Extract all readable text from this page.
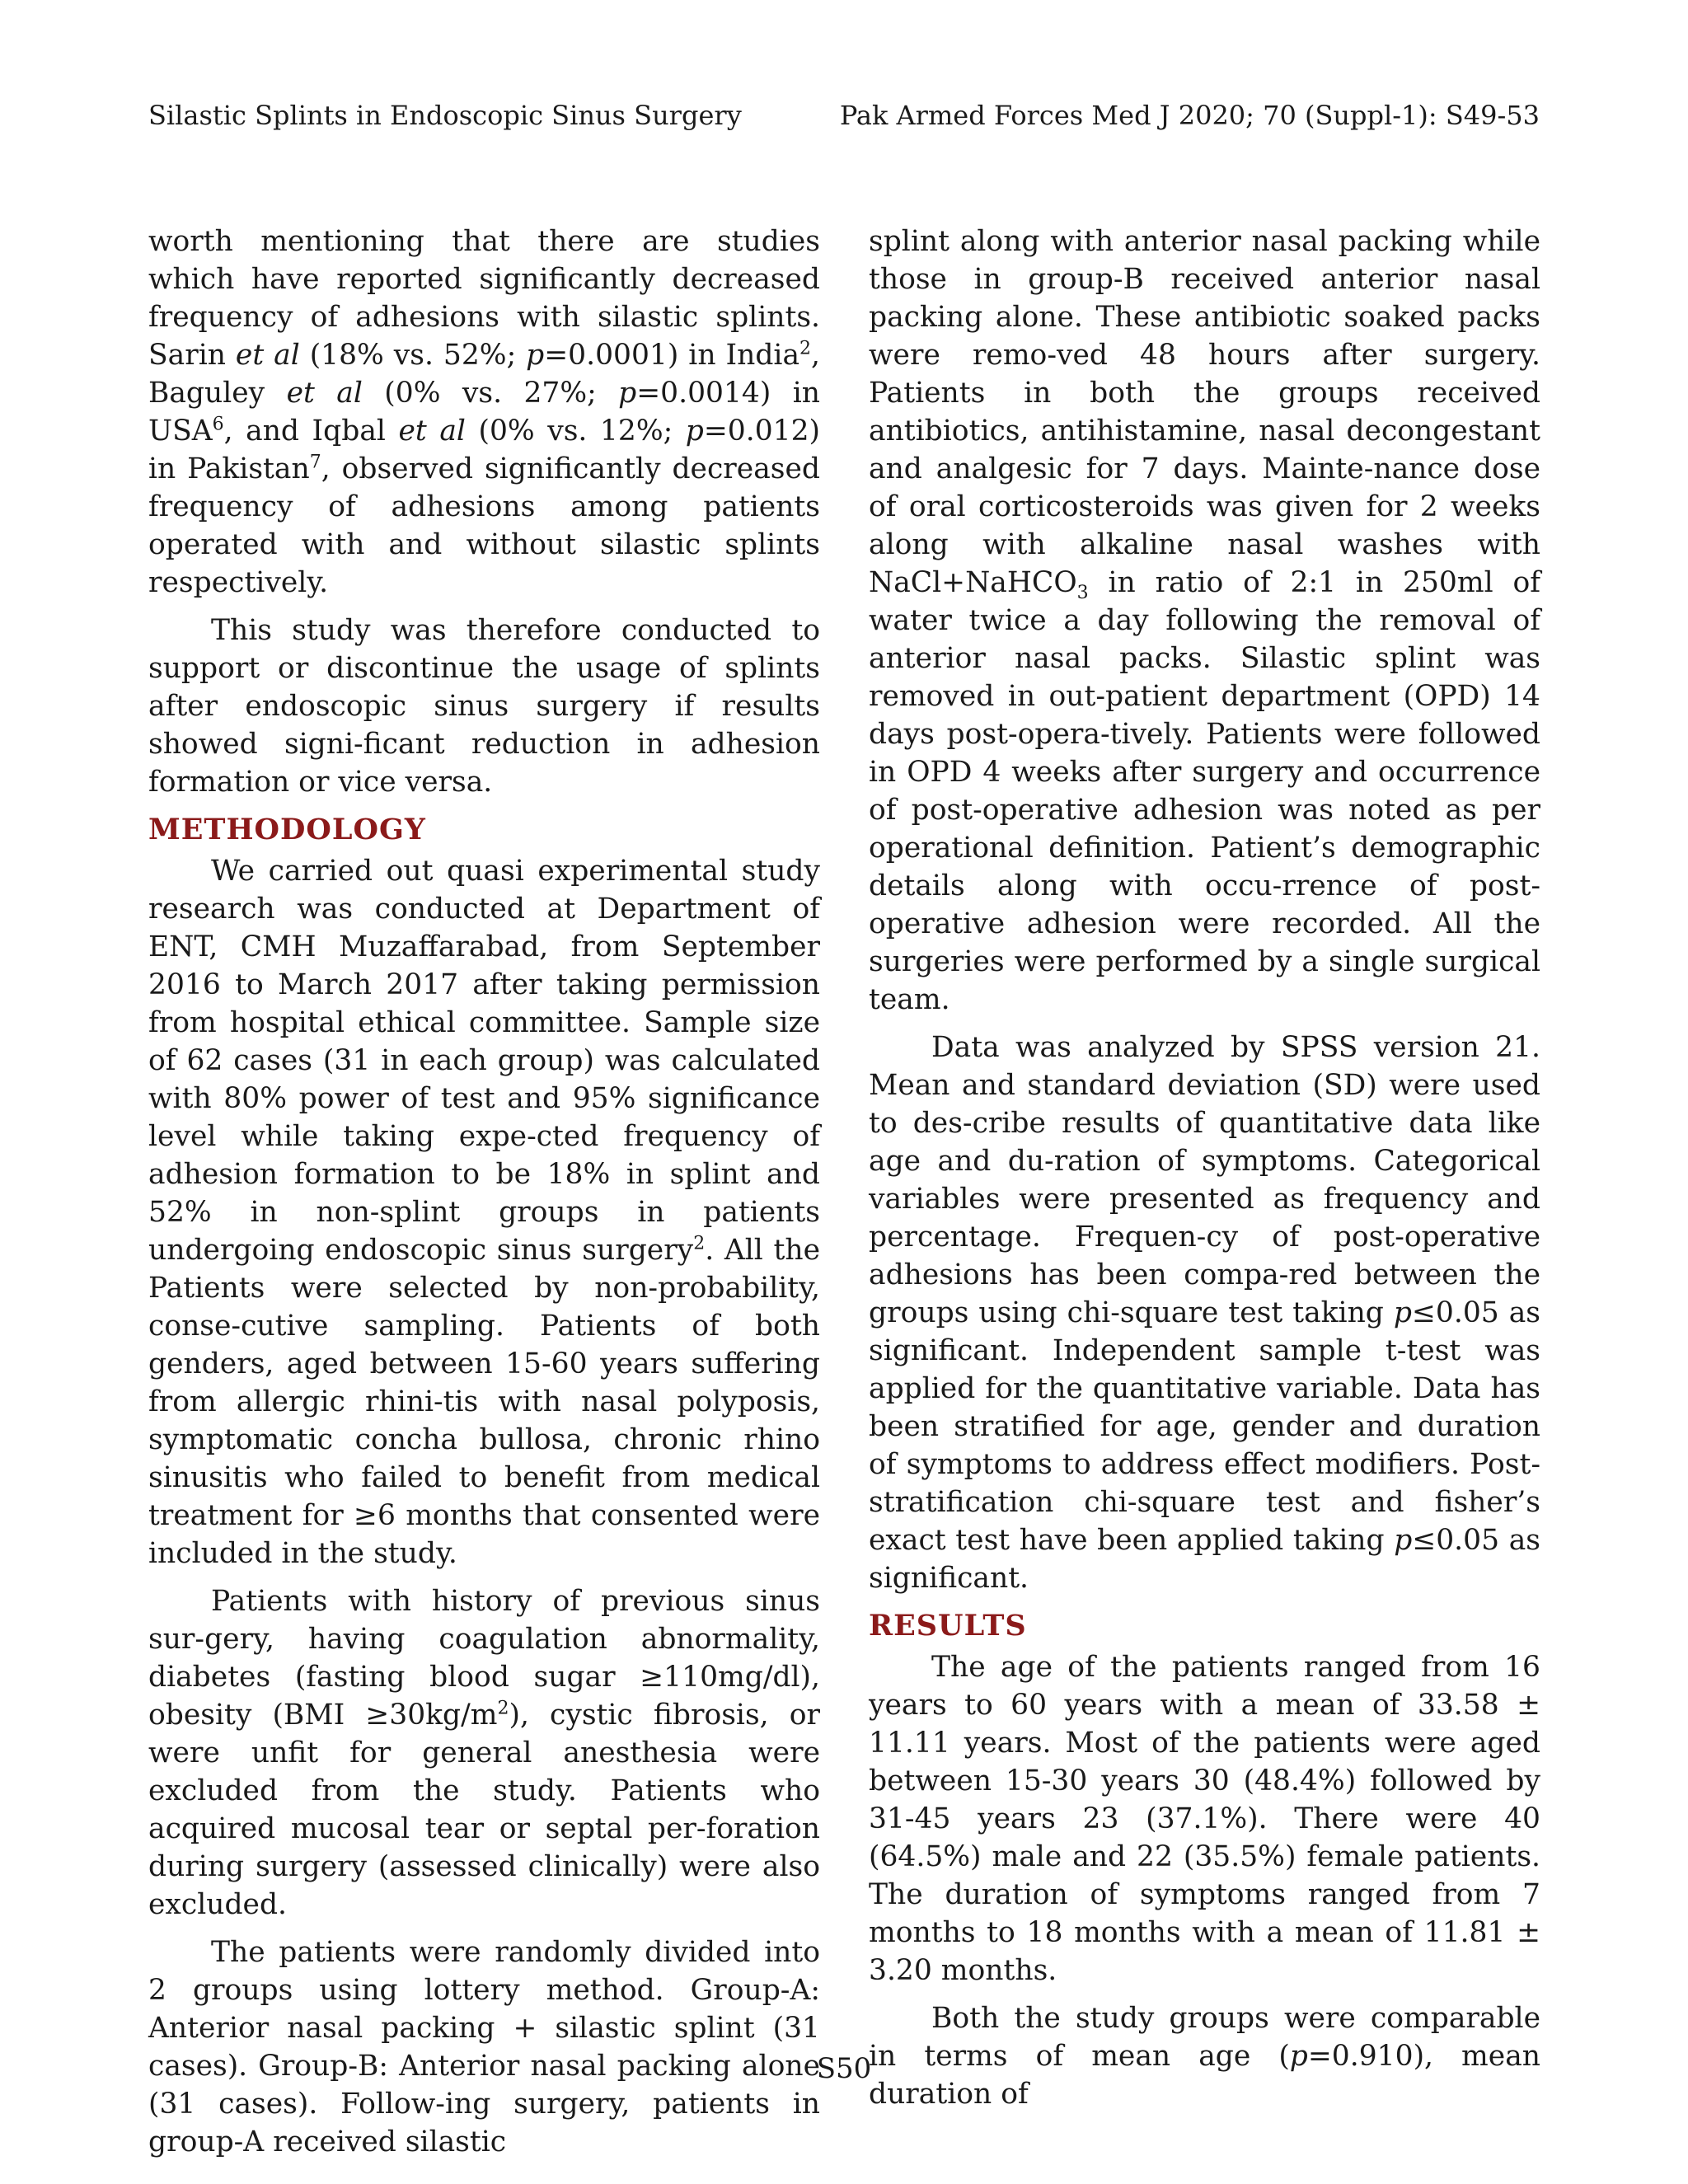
Silastic Splints in Endoscopic Sinus Surgery	Pak Armed Forces Med J 2020; 70 (Suppl-1): S49-53

worth mentioning that there are studies which have reported significantly decreased frequency of adhesions with silastic splints. Sarin et al (18% vs. 52%; p=0.0001) in India$^2$, Baguley et al (0% vs. 27%; p=0.0014) in USA$^6$, and Iqbal et al (0% vs. 12%; p=0.012) in Pakistan$^7$, observed significantly decreased frequency of adhesions among patients operated with and without silastic splints respectively.

This study was therefore conducted to support or discontinue the usage of splints after endoscopic sinus surgery if results showed signi-ficant reduction in adhesion formation or vice versa.

METHODOLOGY

We carried out quasi experimental study research was conducted at Department of ENT, CMH Muzaffarabad, from September 2016 to March 2017 after taking permission from hospital ethical committee. Sample size of 62 cases (31 in each group) was calculated with 80% power of test and 95% significance level while taking expe-cted frequency of adhesion formation to be 18% in splint and 52% in non-splint groups in patients undergoing endoscopic sinus surgery$^2$. All the Patients were selected by non-probability, conse-cutive sampling. Patients of both genders, aged between 15-60 years suffering from allergic rhini-tis with nasal polyposis, symptomatic concha bullosa, chronic rhino sinusitis who failed to benefit from medical treatment for ≥6 months that consented were included in the study.

Patients with history of previous sinus sur-gery, having coagulation abnormality, diabetes (fasting blood sugar ≥110mg/dl), obesity $(BMI \ge 30kg/m^2)$, cystic fibrosis, or were unfit for general anesthesia were excluded from the study. Patients who acquired mucosal tear or septal per-foration during surgery (assessed clinically) were also excluded.

The patients were randomly divided into 2 groups using lottery method. Group-A: Anterior nasal packing + silastic splint (31 cases). Group-B: Anterior nasal packing alone (31 cases). Follow-ing surgery, patients in group-A received silastic

splint along with anterior nasal packing while those in group-B received anterior nasal packing alone. These antibiotic soaked packs were remo-ved 48 hours after surgery. Patients in both the groups received antibiotics, antihistamine, nasal decongestant and analgesic for 7 days. Mainte-nance dose of oral corticosteroids was given for 2 weeks along with alkaline nasal washes with NaCl+NaHCO$_3$ in ratio of 2:1 in 250ml of water twice a day following the removal of anterior nasal packs. Silastic splint was removed in out-patient department (OPD) 14 days post-opera-tively. Patients were followed in OPD 4 weeks after surgery and occurrence of post-operative adhesion was noted as per operational definition. Patient’s demographic details along with occu-rrence of post-operative adhesion were recorded. All the surgeries were performed by a single surgical team.

Data was analyzed by SPSS version 21. Mean and standard deviation (SD) were used to des-cribe results of quantitative data like age and du-ration of symptoms. Categorical variables were presented as frequency and percentage. Frequen-cy of post-operative adhesions has been compa-red between the groups using chi-square test taking p≤0.05 as significant. Independent sample t-test was applied for the quantitative variable. Data has been stratified for age, gender and duration of symptoms to address effect modifiers. Post-stratification chi-square test and fisher’s exact test have been applied taking p≤0.05 as significant.

RESULTS

The age of the patients ranged from 16 years to 60 years with a mean of 33.58 ± 11.11 years. Most of the patients were aged between 15-30 years 30 (48.4%) followed by 31-45 years 23 (37.1%). There were 40 (64.5%) male and 22 (35.5%) female patients. The duration of symptoms ranged from 7 months to 18 months with a mean of 11.81 ± 3.20 months.

Both the study groups were comparable in terms of mean age (p=0.910), mean duration of

S50
